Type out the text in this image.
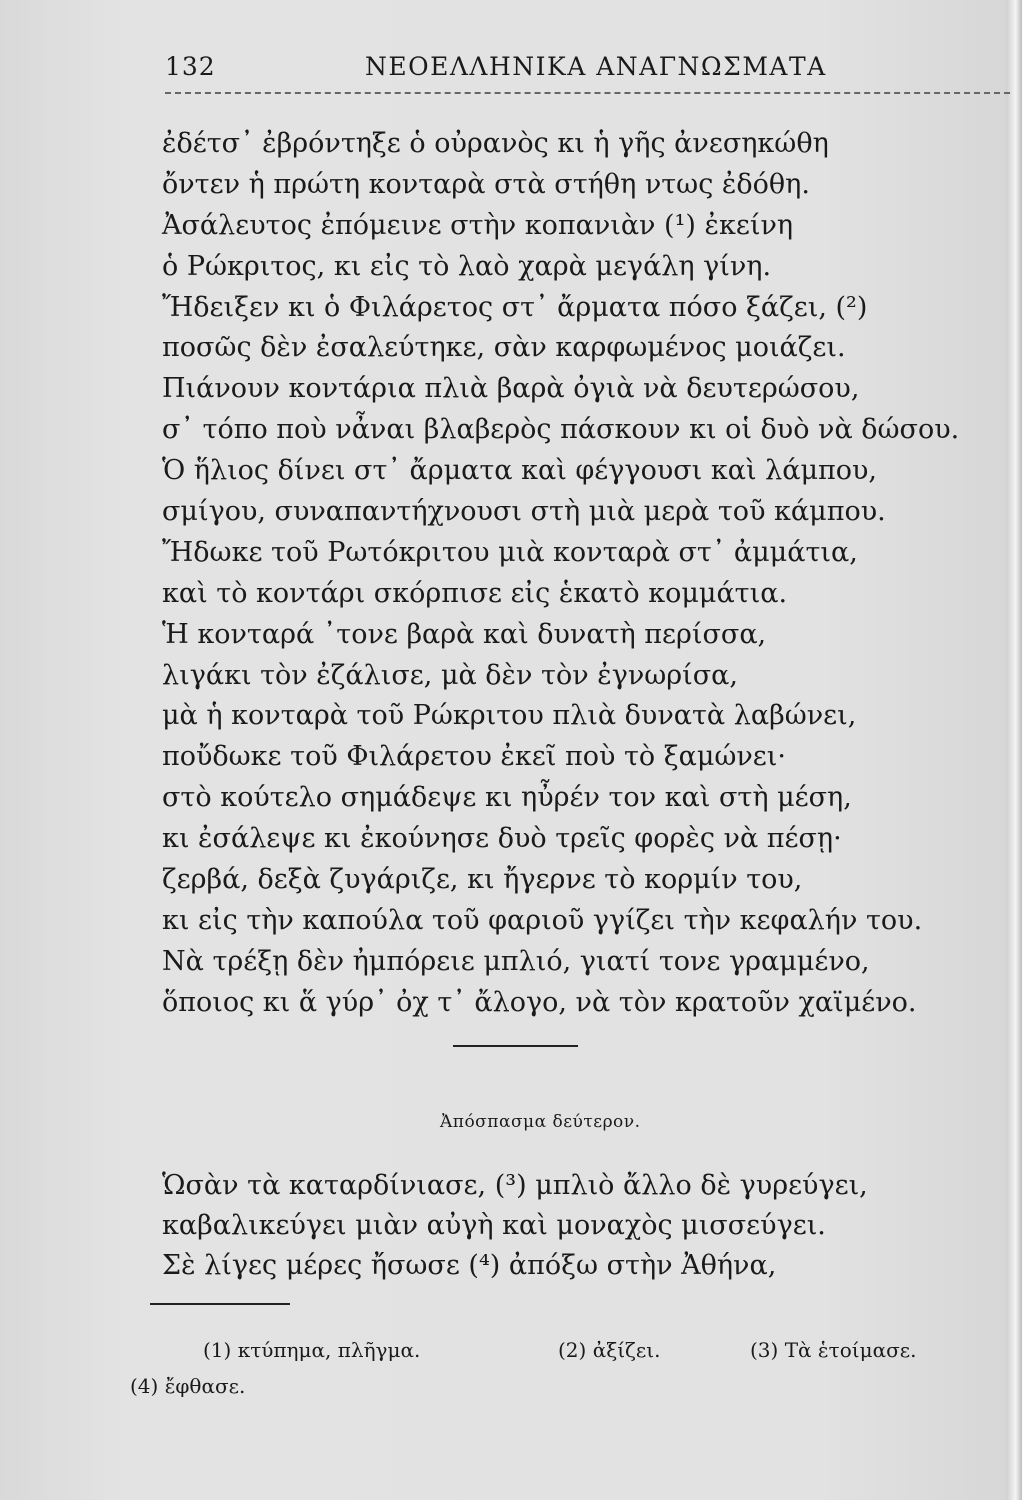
132	ΝΕΟΕΛΛΗΝΙΚΑ ΑΝΑΓΝΩΣΜΑΤΑ
ἐδέτσ᾿ ἐβρόντηξε ὁ οὐρανὸς κι ἡ γῆς ἀνεσηκώθη
ὄντεν ἡ πρώτη κονταρὰ στὰ στήθη ντως ἐδόθη.
Ἀσάλευτος ἐπόμεινε στὴν κοπανιὰν (¹) ἐκείνη
ὁ Ρώκριτος, κι εἰς τὸ λαὸ χαρὰ μεγάλη γίνη.
Ἤδειξεν κι ὁ Φιλάρετος στ᾿ ἄρματα πόσο ξάζει, (²)
ποσῶς δὲν ἐσαλεύτηκε, σὰν καρφωμένος μοιάζει.
Πιάνουν κοντάρια πλιὰ βαρὰ ὀγιὰ νὰ δευτερώσου,
σ᾿ τόπο ποὺ νἆναι βλαβερὸς πάσκουν κι οἱ δυὸ νὰ δώσου.
Ὁ ἥλιος δίνει στ᾿ ἄρματα καὶ φέγγουσι καὶ λάμπου,
σμίγου, συναπαντήχνουσι στὴ μιὰ μερὰ τοῦ κάμπου.
Ἤδωκε τοῦ Ρωτόκριτου μιὰ κονταρὰ στ᾿ ἀμμάτια,
καὶ τὸ κοντάρι σκόρπισε εἰς ἑκατὸ κομμάτια.
Ἡ κονταρά ᾿τονε βαρὰ καὶ δυνατὴ περίσσα,
λιγάκι τὸν ἐζάλισε, μὰ δὲν τὸν ἐγνωρίσα,
μὰ ἡ κονταρὰ τοῦ Ρώκριτου πλιὰ δυνατὰ λαβώνει,
ποὔδωκε τοῦ Φιλάρετου ἐκεῖ ποὺ τὸ ξαμώνει·
στὸ κούτελο σημάδεψε κι ηὖρέν τον καὶ στὴ μέση,
κι ἐσάλεψε κι ἐκούνησε δυὸ τρεῖς φορὲς νὰ πέσῃ·
ζερβά, δεξὰ ζυγάριζε, κι ἤγερνε τὸ κορμίν του,
κι εἰς τὴν καπούλα τοῦ φαριοῦ γγίζει τὴν κεφαλήν του.
Νὰ τρέξῃ δὲν ἠμπόρειε μπλιό, γιατί τονε γραμμένο,
ὅποιος κι ἅ γύρ᾿ ὀχ τ᾿ ἄλογο, νὰ τὸν κρατοῦν χαϊμένο.
Ἀπόσπασμα δεύτερον.
Ὡσὰν τὰ καταρδίνιασε, (³) μπλιὸ ἄλλο δὲ γυρεύγει,
καβαλικεύγει μιὰν αὐγὴ καὶ μοναχὸς μισσεύγει.
Σὲ λίγες μέρες ἤσωσε (⁴) ἀπόξω στὴν Ἀθήνα,
(1) κτύπημα, πλῆγμα.	(2) ἀξίζει.	(3) Τὰ ἑτοίμασε.
(4) ἔφθασε.
